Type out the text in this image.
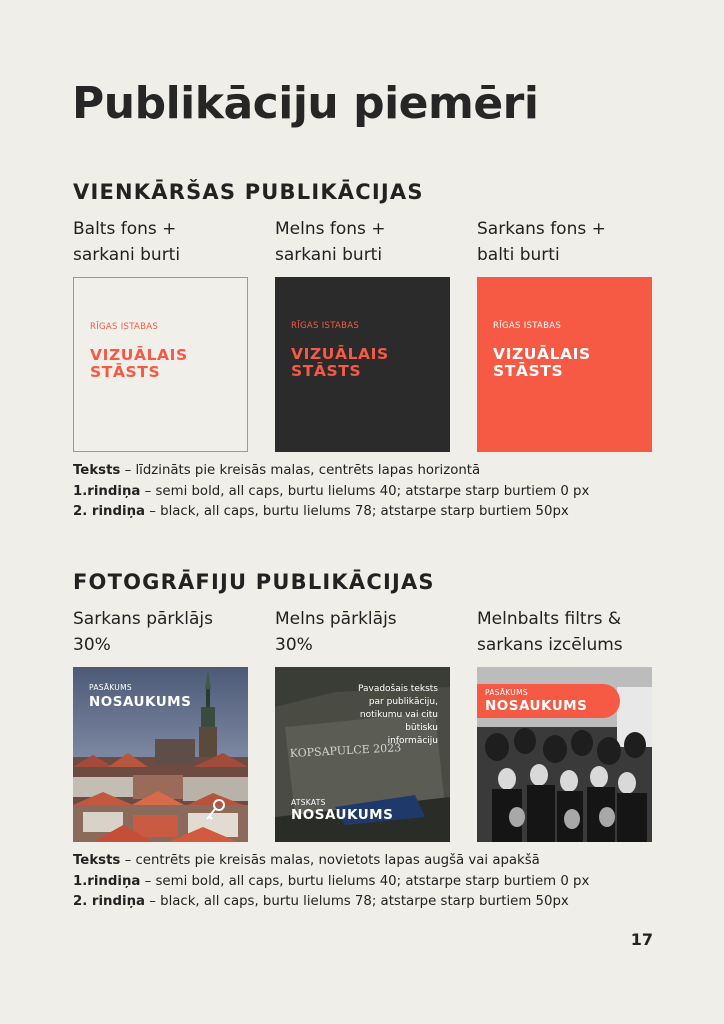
Publikāciju piemēri
VIENKĀRŠAS PUBLIKĀCIJAS
Balts fons +
sarkani burti
Melns fons +
sarkani burti
Sarkans fons +
balti burti
RĪGAS ISTABAS
VIZUĀLAIS
STĀSTS
RĪGAS ISTABAS
VIZUĀLAIS
STĀSTS
RĪGAS ISTABAS
VIZUĀLAIS
STĀSTS
Teksts – līdzināts pie kreisās malas, centrēts lapas horizontā
1.rindiņa – semi bold, all caps, burtu lielums 40; atstarpe starp burtiem 0 px
2. rindiņa – black, all caps, burtu lielums 78; atstarpe starp burtiem 50px
FOTOGRĀFIJU PUBLIKĀCIJAS
Sarkans pārklājs
30%
Melns pārklājs
30%
Melnbalts filtrs &
sarkans izcēlums
PASĀKUMS
NOSAUKUMS
KOPSAPULCE 2023
Pavadošais teksts
par publikāciju,
notikumu vai citu
būtisku
informāciju
ATSKATS
NOSAUKUMS
PASĀKUMS
NOSAUKUMS
Teksts – centrēts pie kreisās malas, novietots lapas augšā vai apakšā
1.rindiņa – semi bold, all caps, burtu lielums 40; atstarpe starp burtiem 0 px
2. rindiņa – black, all caps, burtu lielums 78; atstarpe starp burtiem 50px
17
